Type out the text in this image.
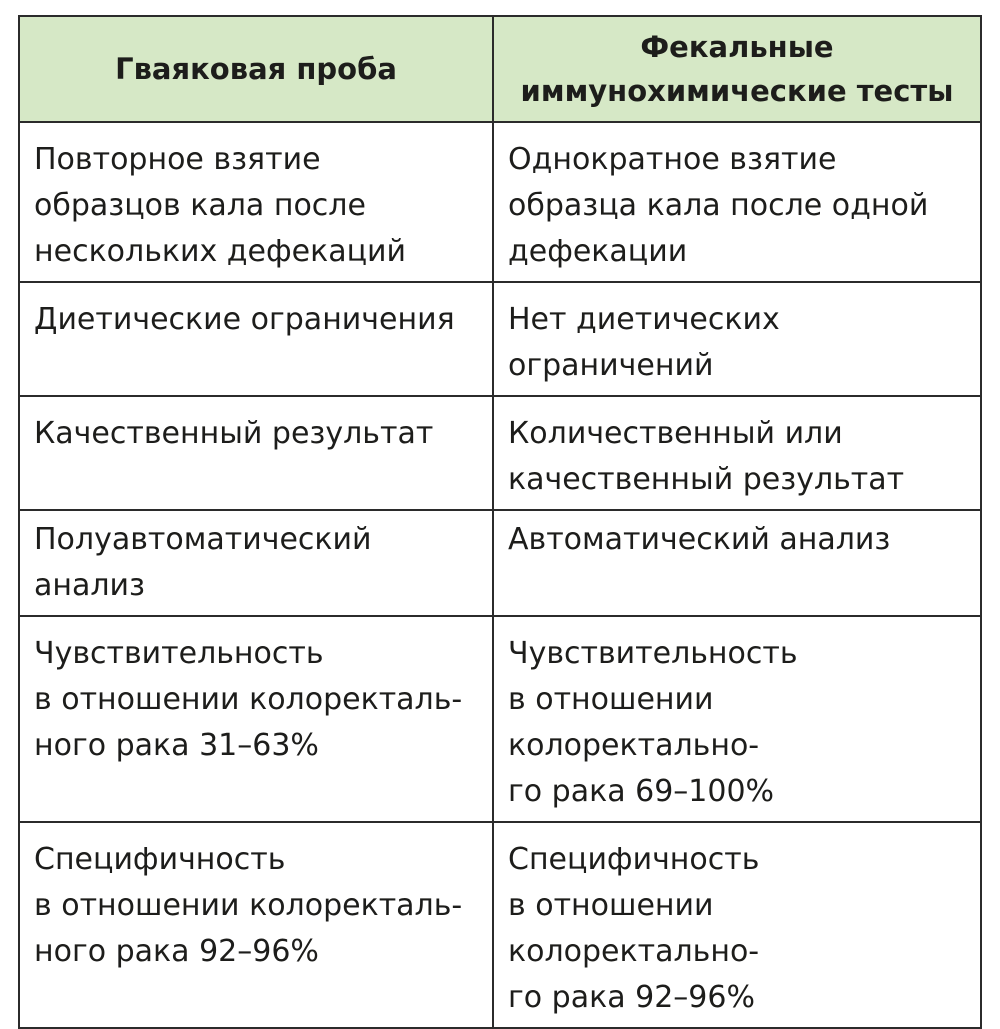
Гваяковая проба	Фекальные
иммунохимические тесты

Повторное взятие
образцов кала после
нескольких дефекаций	Однократное взятие
образца кала после одной
дефекации

Диетические ограничения	Нет диетических
ограничений

Качественный результат	Количественный или
качественный результат

Полуавтоматический анализ	Автоматический анализ

Чувствительность
в отношении колоректаль-
ного рака 31–63%	Чувствительность
в отношении колоректально-
го рака 69–100%

Специфичность
в отношении колоректаль-
ного рака 92–96%	Специфичность
в отношении колоректально-
го рака 92–96%
